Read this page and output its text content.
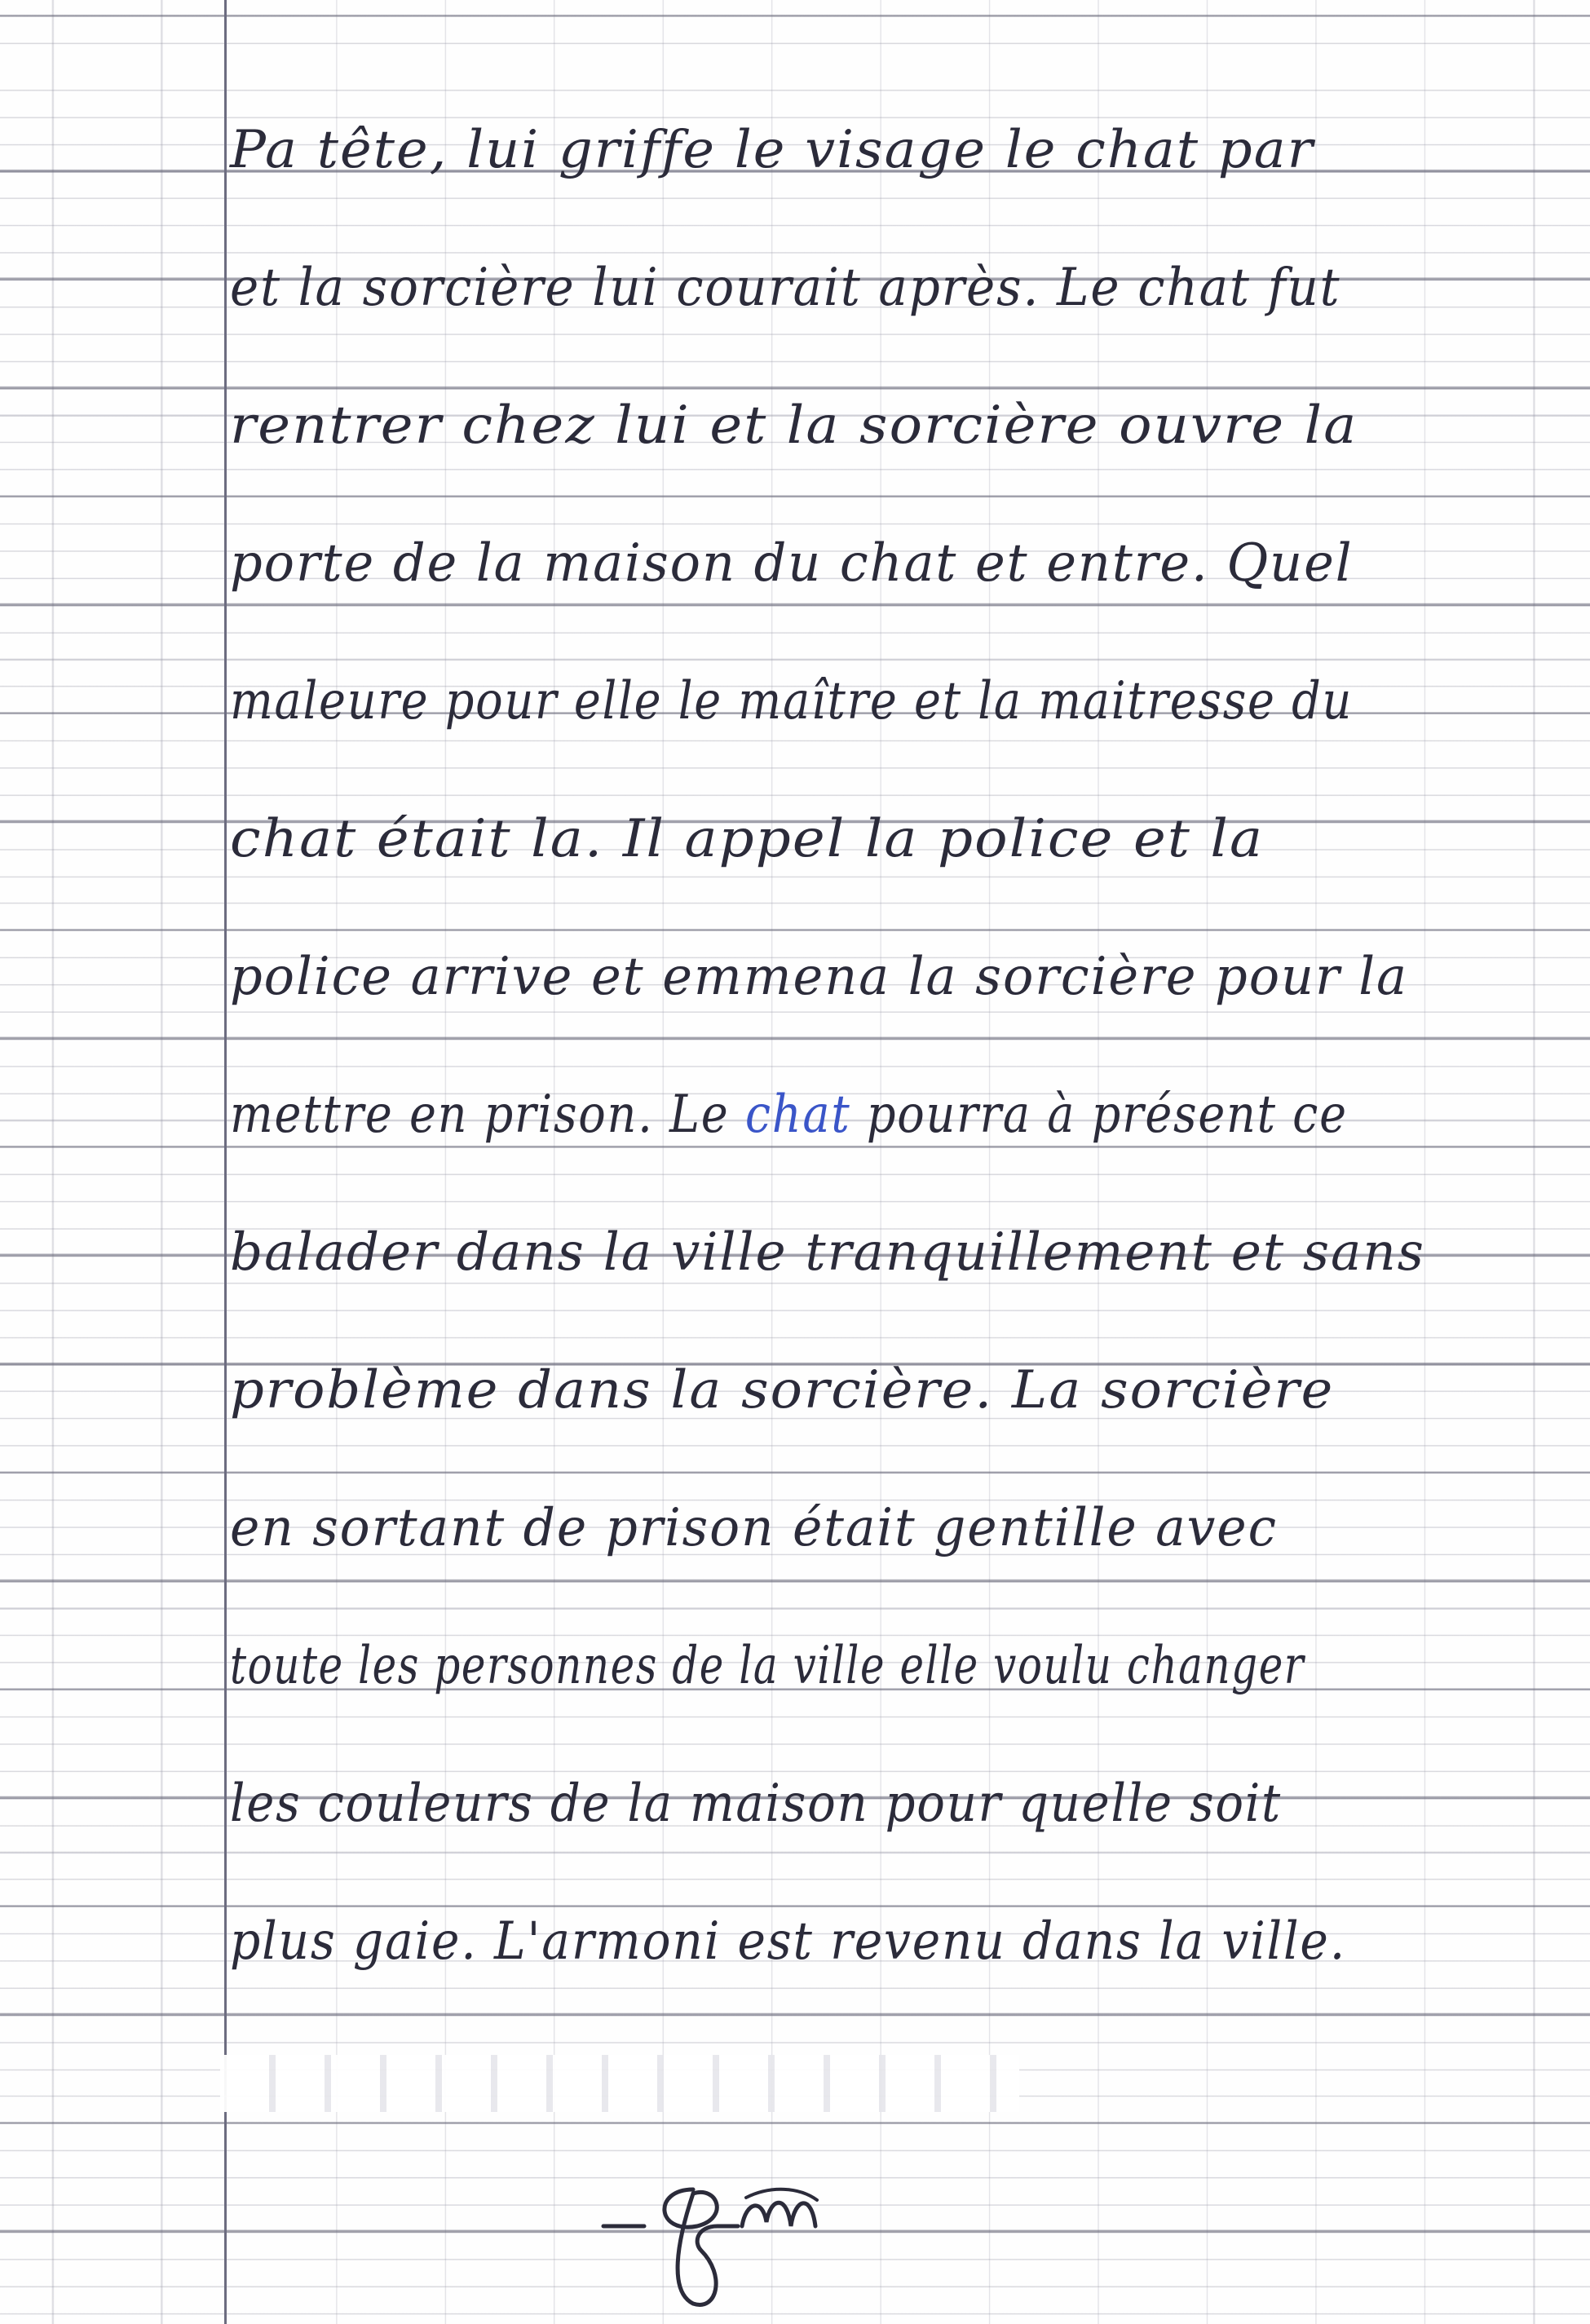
Pa tête, lui griffe le visage le chat par
et la sorcière lui courait après. Le chat fut
rentrer chez lui et la sorcière ouvre la
porte de la maison du chat et entre. Quel
maleure pour elle le maître et la maitresse du
chat était la. Il appel la police et la
police arrive et emmena la sorcière pour la
mettre en prison. Le chat pourra à présent ce
balader dans la ville tranquillement et sans
problème dans la sorcière. La sorcière
en sortant de prison était gentille avec
toute les personnes de la ville elle voulu changer
les couleurs de la maison pour quelle soit
plus gaie. L'armoni est revenu dans la ville.
